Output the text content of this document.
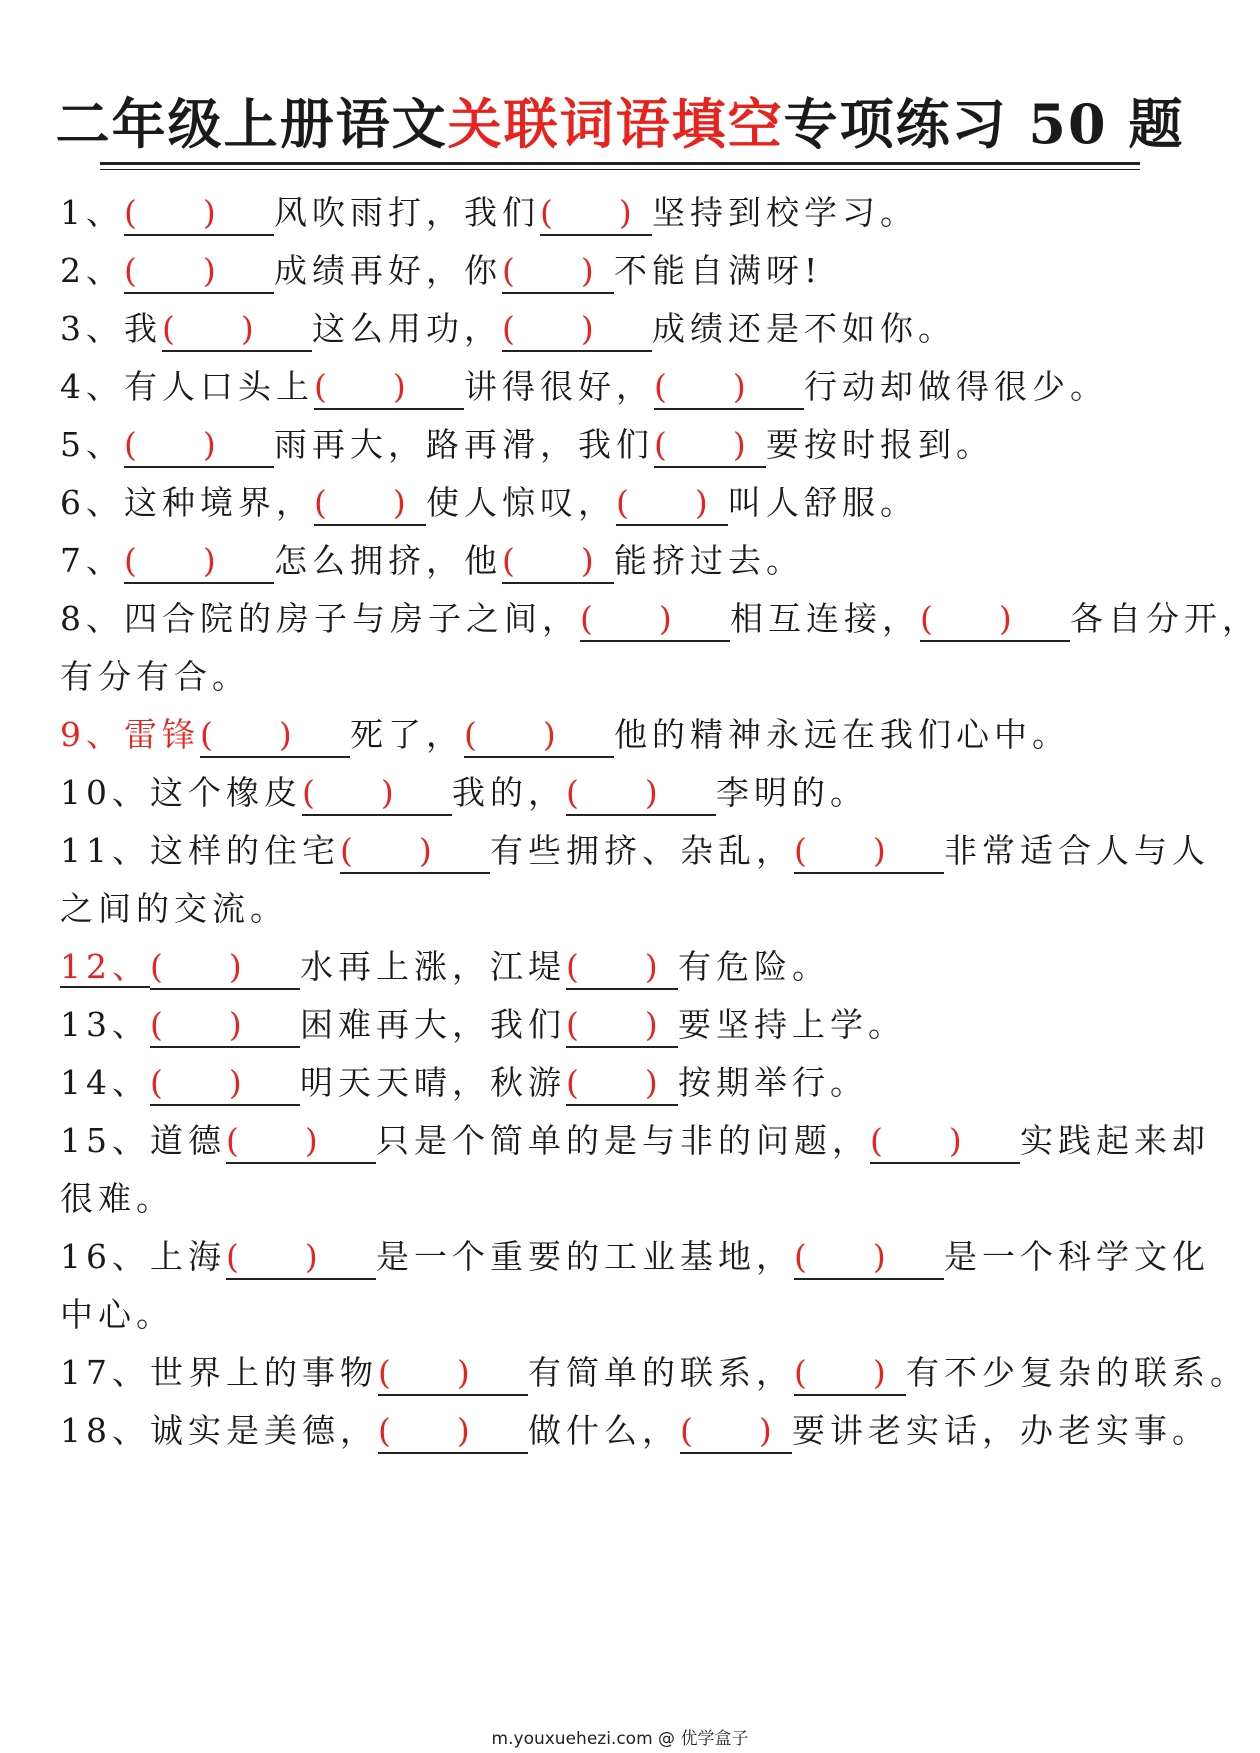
二年级上册语文关联词语填空专项练习 50 题
1、(　　) 风吹雨打，我们(　　) 坚持到校学习。
2、(　　) 成绩再好，你(　　) 不能自满呀!
3、我(　　) 这么用功，(　　) 成绩还是不如你。
4、有人口头上(　　) 讲得很好，(　　) 行动却做得很少。
5、(　　) 雨再大，路再滑，我们(　　) 要按时报到。
6、这种境界，(　　) 使人惊叹，(　　) 叫人舒服。
7、(　　) 怎么拥挤，他(　　) 能挤过去。
8、四合院的房子与房子之间，(　　) 相互连接，(　　) 各自分开，
有分有合。
9、雷锋(　　) 死了，(　　) 他的精神永远在我们心中。
10、这个橡皮(　　) 我的，(　　) 李明的。
11、这样的住宅(　　) 有些拥挤、杂乱，(　　) 非常适合人与人
之间的交流。
12、(　　) 水再上涨，江堤(　　) 有危险。
13、(　　) 困难再大，我们(　　) 要坚持上学。
14、(　　) 明天天晴，秋游(　　) 按期举行。
15、道德(　　) 只是个简单的是与非的问题，(　　) 实践起来却
很难。
16、上海(　　) 是一个重要的工业基地，(　　) 是一个科学文化
中心。
17、世界上的事物(　　) 有简单的联系，(　　) 有不少复杂的联系。
18、诚实是美德，(　　) 做什么，(　　) 要讲老实话，办老实事。
m.youxuehezi.com @ 优学盒子
